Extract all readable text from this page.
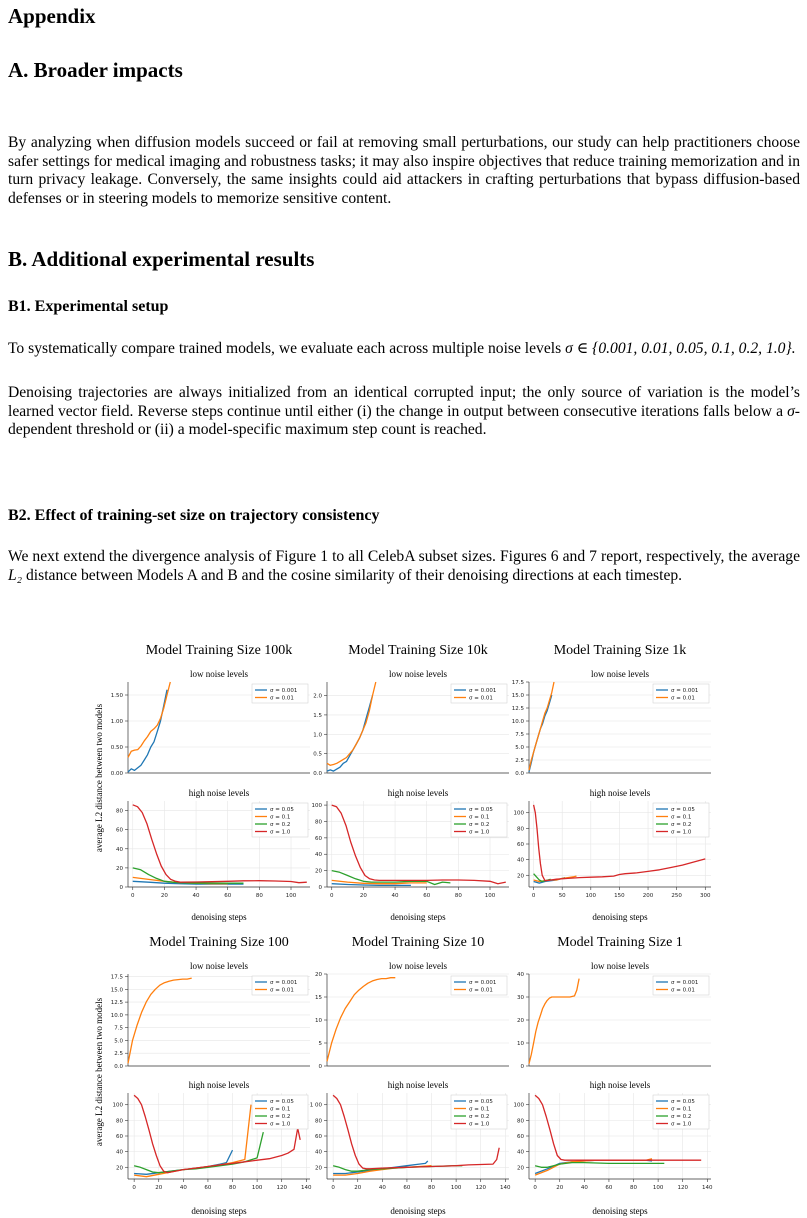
Appendix
A. Broader impacts

By analyzing when diffusion models succeed or fail at removing small perturbations, our study can help practitioners choose safer settings for medical imaging and robustness tasks; it may also inspire objectives that reduce training memorization and in turn privacy leakage. Conversely, the same insights could aid attackers in crafting perturbations that bypass diffusion-based defenses or in steering models to memorize sensitive content.

B. Additional experimental results
B1. Experimental setup

To systematically compare trained models, we evaluate each across multiple noise levels σ ∈ {0.001, 0.01, 0.05, 0.1, 0.2, 1.0}.

Denoising trajectories are always initialized from an identical corrupted input; the only source of variation is the model’s learned vector field. Reverse steps continue until either (i) the change in output between consecutive iterations falls below a σ-dependent threshold or (ii) a model-specific maximum step count is reached.

B2. Effect of training-set size on trajectory consistency

We next extend the divergence analysis of Figure 1 to all CelebA subset sizes. Figures 6 and 7 report, respectively, the average L₂ distance between Models A and B and the cosine similarity of their denoising directions at each timestep.

Model Training Size 100k
low noise levels
0.00
0.50
1.00
1.50
σ = 0.001
σ = 0.01
high noise levels
0
20
40
60
80
0	20	40	60	80	100
σ = 0.05
σ = 0.1
σ = 0.2
σ = 1.0
denoising steps
Model Training Size 10k
low noise levels
0.0
0.5
1.0
1.5
2.0
σ = 0.001
σ = 0.01
high noise levels
0
20
40
60
80
100
0	20	40	60	80	100
σ = 0.05
σ = 0.1
σ = 0.2
σ = 1.0
denoising steps
Model Training Size 1k
low noise levels
0.0
2.5
5.0
7.5
10.0
12.5
15.0
17.5
σ = 0.001
σ = 0.01
high noise levels
20
40
60
80
100
0	50	100	150	200	250	300
σ = 0.05
σ = 0.1
σ = 0.2
σ = 1.0
denoising steps
Model Training Size 100
low noise levels
0.0
2.5
5.0
7.5
10.0
12.5
15.0
17.5
σ = 0.001
σ = 0.01
high noise levels
20
40
60
80
100
0	20	40	60	80	100	120	140
σ = 0.05
σ = 0.1
σ = 0.2
σ = 1.0
denoising steps
Model Training Size 10
low noise levels
0
5
10
15
20
σ = 0.001
σ = 0.01
high noise levels
20
40
60
80
1 00
0	20	40	60	80	100	120	140
σ = 0.05
σ = 0.1
σ = 0.2
σ = 1.0
denoising steps
Model Training Size 1
low noise levels
0
10
20
30
40
σ = 0.001
σ = 0.01
high noise levels
20
40
60
80
100
0	20	40	60	80	100	120	140
σ = 0.05
σ = 0.1
σ = 0.2
σ = 1.0
denoising steps
average L2 distance between two models
average L2 distance between two models
